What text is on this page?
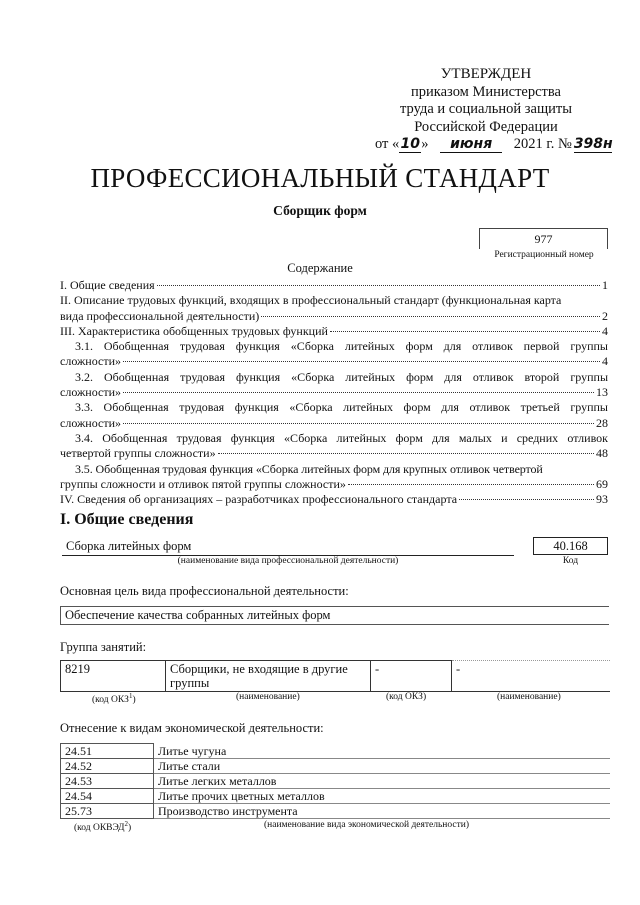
УТВЕРЖДЕН
приказом Министерства
труда и социальной защиты
Российской Федерации
от «10» июня 2021 г. № 398н
ПРОФЕССИОНАЛЬНЫЙ СТАНДАРТ
Сборщик форм
977
Регистрационный номер
Содержание
I. Общие сведения	1
II. Описание трудовых функций, входящих в профессиональный стандарт (функциональная карта
вида профессиональной деятельности)	2
III. Характеристика обобщенных трудовых функций	4
3.1. Обобщенная трудовая функция «Сборка литейных форм для отливок первой группы
сложности»	4
3.2. Обобщенная трудовая функция «Сборка литейных форм для отливок второй группы
сложности»	13
3.3. Обобщенная трудовая функция «Сборка литейных форм для отливок третьей группы
сложности»	28
3.4. Обобщенная трудовая функция «Сборка литейных форм для малых и средних отливок
четвертой группы сложности»	48
3.5. Обобщенная трудовая функция «Сборка литейных форм для крупных отливок четвертой
группы сложности и отливок пятой группы сложности»	69
IV. Сведения об организациях – разработчиках профессионального стандарта	93
I. Общие сведения
Сборка литейных форм
(наименование вида профессиональной деятельности)
40.168
Код
Основная цель вида профессиональной деятельности:
Обеспечение качества собранных литейных форм
Группа занятий:
8219	Сборщики, не входящие в другие группы	-	-
(код ОКЗ$^1$)	(наименование)	(код ОКЗ)	(наименование)
Отнесение к видам экономической деятельности:
24.51	Литье чугуна
24.52	Литье стали
24.53	Литье легких металлов
24.54	Литье прочих цветных металлов
25.73	Производство инструмента
(код ОКВЭД$^2$)	(наименование вида экономической деятельности)
